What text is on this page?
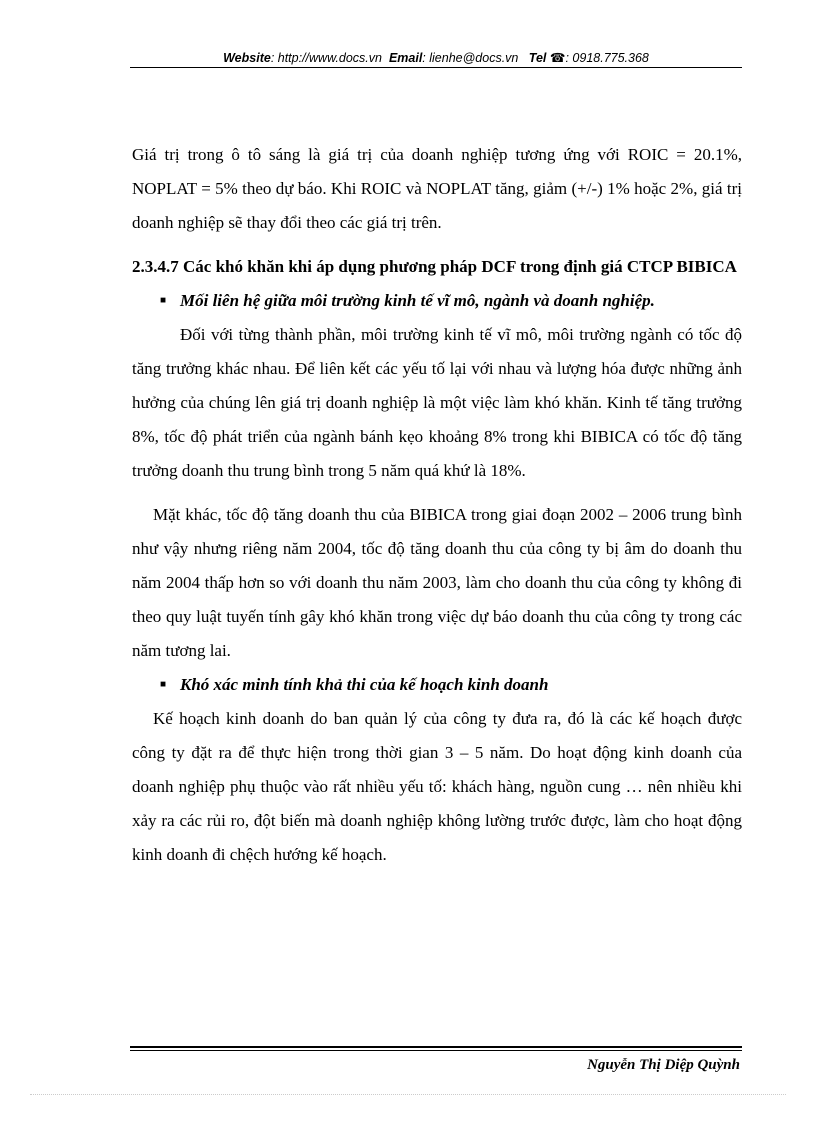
Website: http://www.docs.vn Email: lienhe@docs.vn Tel ☎: 0918.775.368
Giá trị trong ô tô sáng là giá trị của doanh nghiệp tương ứng với ROIC = 20.1%, NOPLAT = 5% theo dự báo. Khi ROIC và NOPLAT tăng, giảm (+/-) 1% hoặc 2%, giá trị doanh nghiệp sẽ thay đổi theo các giá trị trên.
2.3.4.7 Các khó khăn khi áp dụng phương pháp DCF trong định giá CTCP BIBICA
■ Mối liên hệ giữa môi trường kinh tế vĩ mô, ngành và doanh nghiệp.
Đối với từng thành phần, môi trường kinh tế vĩ mô, môi trường ngành có tốc độ tăng trưởng khác nhau. Để liên kết các yếu tố lại với nhau và lượng hóa được những ảnh hưởng của chúng lên giá trị doanh nghiệp là một việc làm khó khăn. Kinh tế tăng trưởng 8%, tốc độ phát triển của ngành bánh kẹo khoảng 8% trong khi BIBICA có tốc độ tăng trưởng doanh thu trung bình trong 5 năm quá khứ là 18%.
Mặt khác, tốc độ tăng doanh thu của BIBICA trong giai đoạn 2002 – 2006 trung bình như vậy nhưng riêng năm 2004, tốc độ tăng doanh thu của công ty bị âm do doanh thu năm 2004 thấp hơn so với doanh thu năm 2003, làm cho doanh thu của công ty không đi theo quy luật tuyến tính gây khó khăn trong việc dự báo doanh thu của công ty trong các năm tương lai.
■ Khó xác minh tính khả thi của kế hoạch kinh doanh
Kế hoạch kinh doanh do ban quản lý của công ty đưa ra, đó là các kế hoạch được công ty đặt ra để thực hiện trong thời gian 3 – 5 năm. Do hoạt động kinh doanh của doanh nghiệp phụ thuộc vào rất nhiều yếu tố: khách hàng, nguồn cung … nên nhiều khi xảy ra các rủi ro, đột biến mà doanh nghiệp không lường trước được, làm cho hoạt động kinh doanh đi chệch hướng kế hoạch.
Nguyễn Thị Diệp Quỳnh
